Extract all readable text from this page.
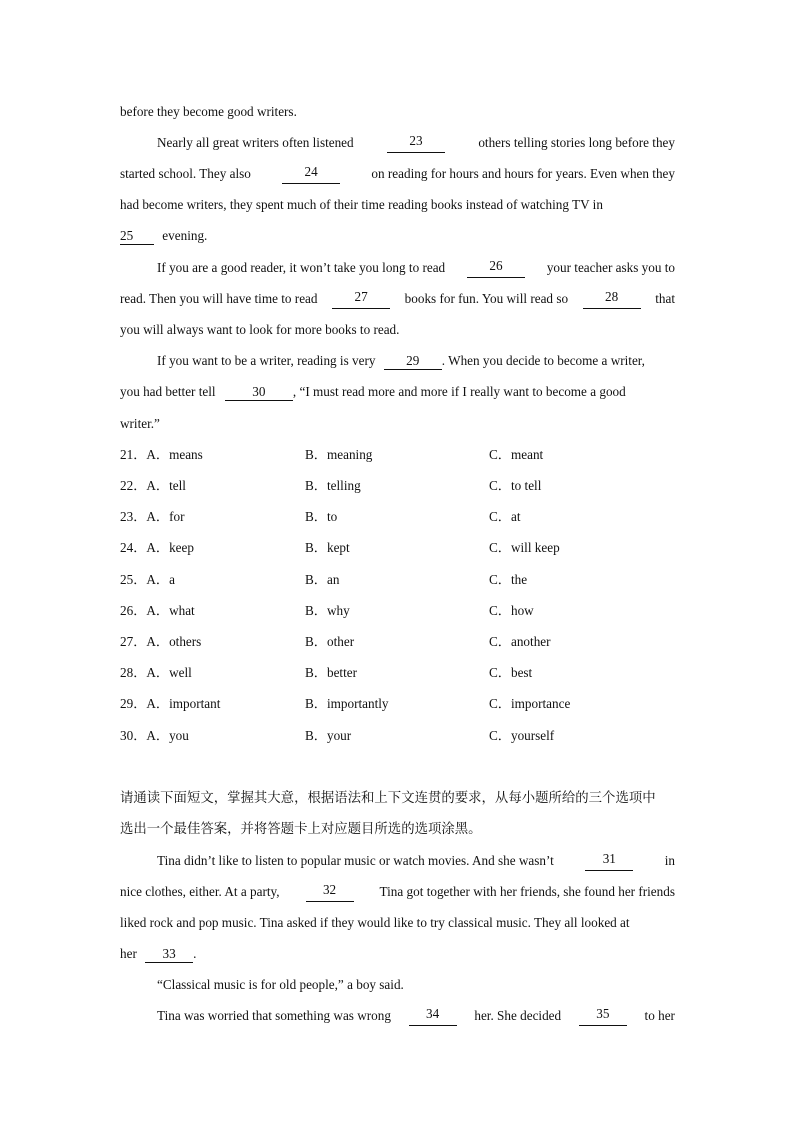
before they become good writers.
Nearly all great writers often listened	23	others telling stories long before they
started school. They also	24	on reading for hours and hours for years. Even when they
had become writers, they spent much of their time reading books instead of watching TV in
25 evening.
If you are a good reader, it won’t take you long to read	26	your teacher asks you to
read. Then you will have time to read	27	books for fun. You will read so	28	that
you will always want to look for more books to read.
If you want to be a writer, reading is very 29 . When you decide to become a writer,
you had better tell	30 , “I must read more and more if I really want to become a good
writer.”
21．A．means	B．meaning	C．meant
22．A．tell	B．telling	C．to tell
23．A．for	B．to	C．at
24．A．keep	B．kept	C．will keep
25．A．a	B．an	C．the
26．A．what	B．why	C．how
27．A．others	B．other	C．another
28．A．well	B．better	C．best
29．A．important	B．importantly	C．importance
30．A．you	B．your	C．yourself
请通读下面短文，掌握其大意，根据语法和上下文连贯的要求，从每小题所给的三个选项中
选出一个最佳答案，并将答题卡上对应题目所选的选项涂黑。
Tina didn’t like to listen to popular music or watch movies. And she wasn’t	31	in
nice clothes, either. At a party,	32	Tina got together with her friends, she found her friends
liked rock and pop music. Tina asked if they would like to try classical music. They all looked at
her 33 .
“Classical music is for old people,” a boy said.
Tina was worried that something was wrong	34	her. She decided	35	to her
